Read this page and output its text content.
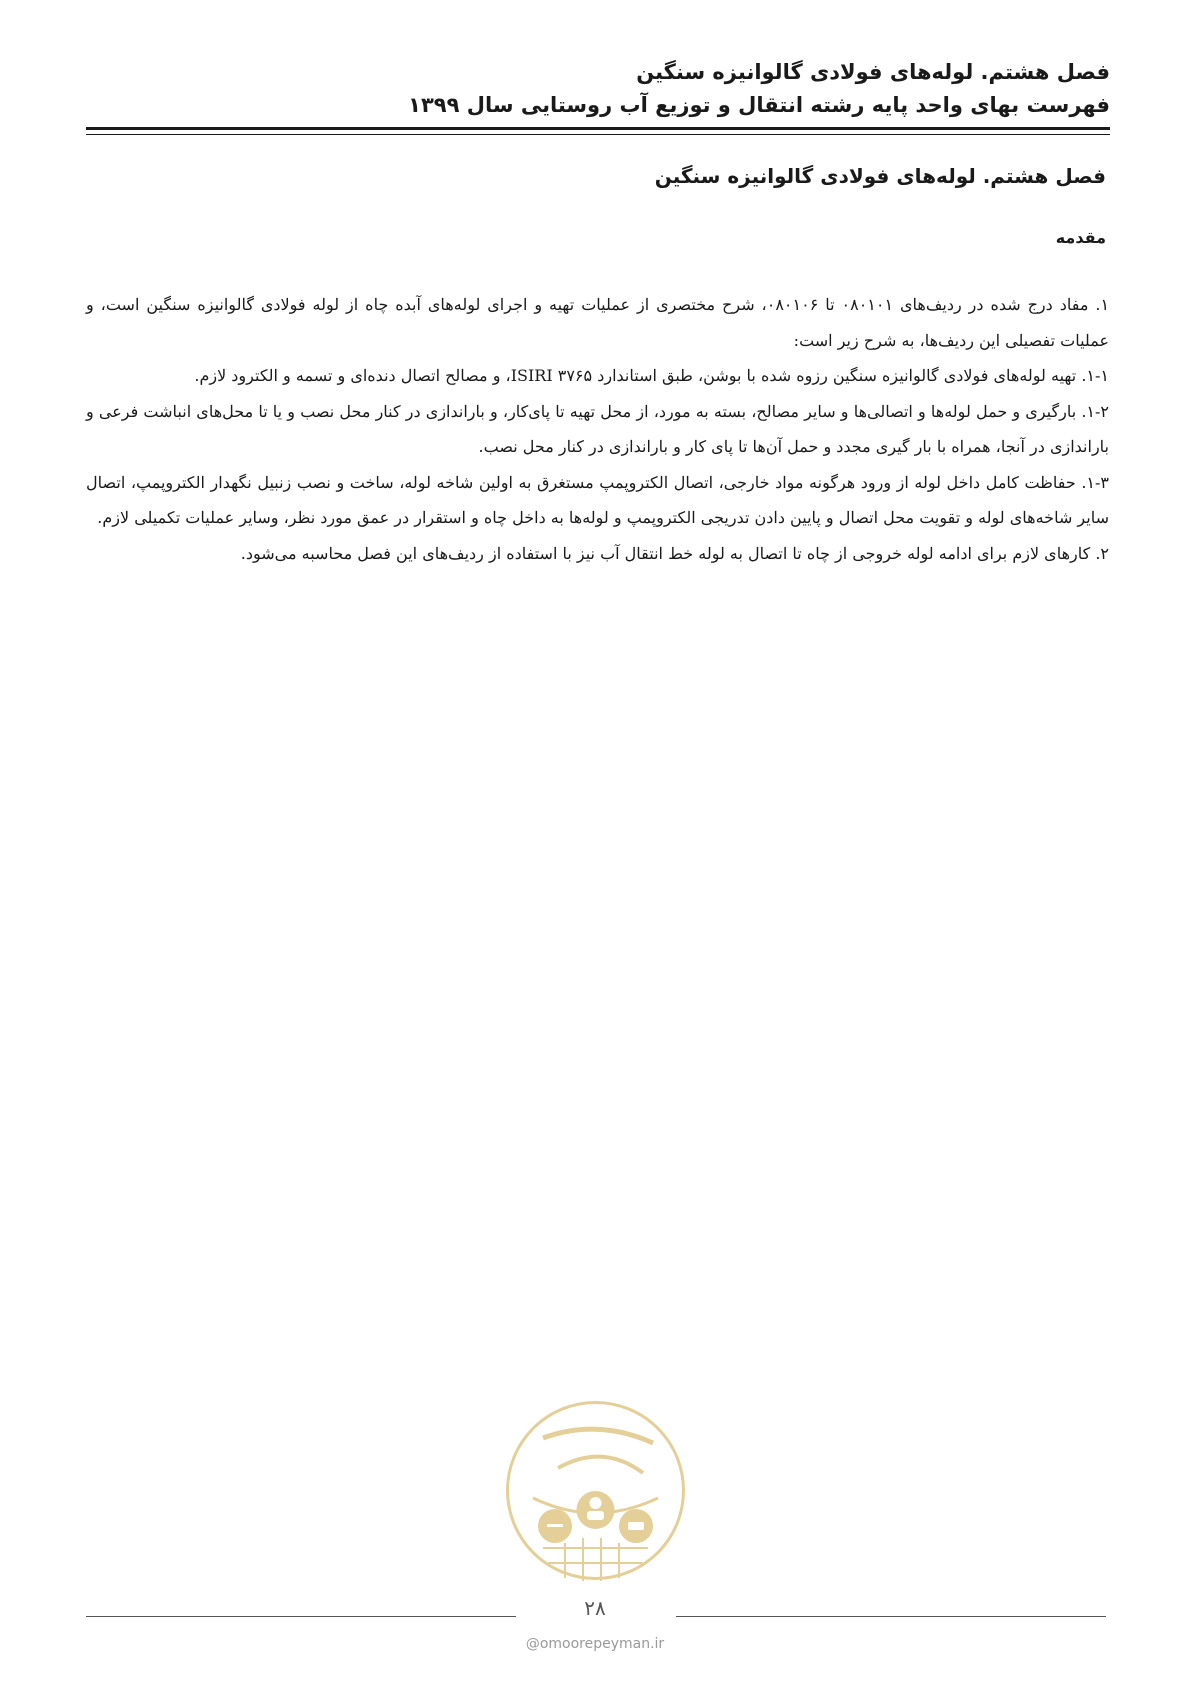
فصل هشتم. لوله‌های فولادی گالوانیزه سنگین
فهرست بهای واحد پایه رشته انتقال و توزیع آب روستایی سال ۱۳۹۹
فصل هشتم. لوله‌های فولادی گالوانیزه سنگین
مقدمه

۱. مفاد درج شده در ردیف‌های ۰۸۰۱۰۱ تا ۰۸۰۱۰۶، شرح مختصری از عملیات تهیه و اجرای لوله‌های آبده چاه از لوله فولادی گالوانیزه سنگین است، و عملیات تفصیلی این ردیف‌ها، به شرح زیر است:

۱-۱. تهیه لوله‌های فولادی گالوانیزه سنگین رزوه شده با بوشن، طبق استاندارد ISIRI ۳۷۶۵، و مصالح اتصال دنده‌ای و تسمه و الکترود لازم.

۱-۲. بارگیری و حمل لوله‌ها و اتصالی‌ها و سایر مصالح، بسته به مورد، از محل تهیه تا پای‌کار، و باراندازی در کنار محل نصب و یا تا محل‌های انباشت فرعی و باراندازی در آنجا، همراه با بار گیری مجدد و حمل آن‌ها تا پای کار و باراندازی در کنار محل نصب.

۱-۳. حفاظت کامل داخل لوله از ورود هرگونه مواد خارجی، اتصال الکتروپمپ مستغرق به اولین شاخه لوله، ساخت و نصب زنبیل نگهدار الکتروپمپ، اتصال سایر شاخه‌های لوله و تقویت محل اتصال و پایین دادن تدریجی الکتروپمپ و لوله‌ها به داخل چاه و استقرار در عمق مورد نظر، وسایر عملیات تکمیلی لازم.

۲. کارهای لازم برای ادامه لوله خروجی از چاه تا اتصال به لوله خط انتقال آب نیز با استفاده از ردیف‌های این فصل محاسبه می‌شود.

۲۸
@omoorepeyman.ir
